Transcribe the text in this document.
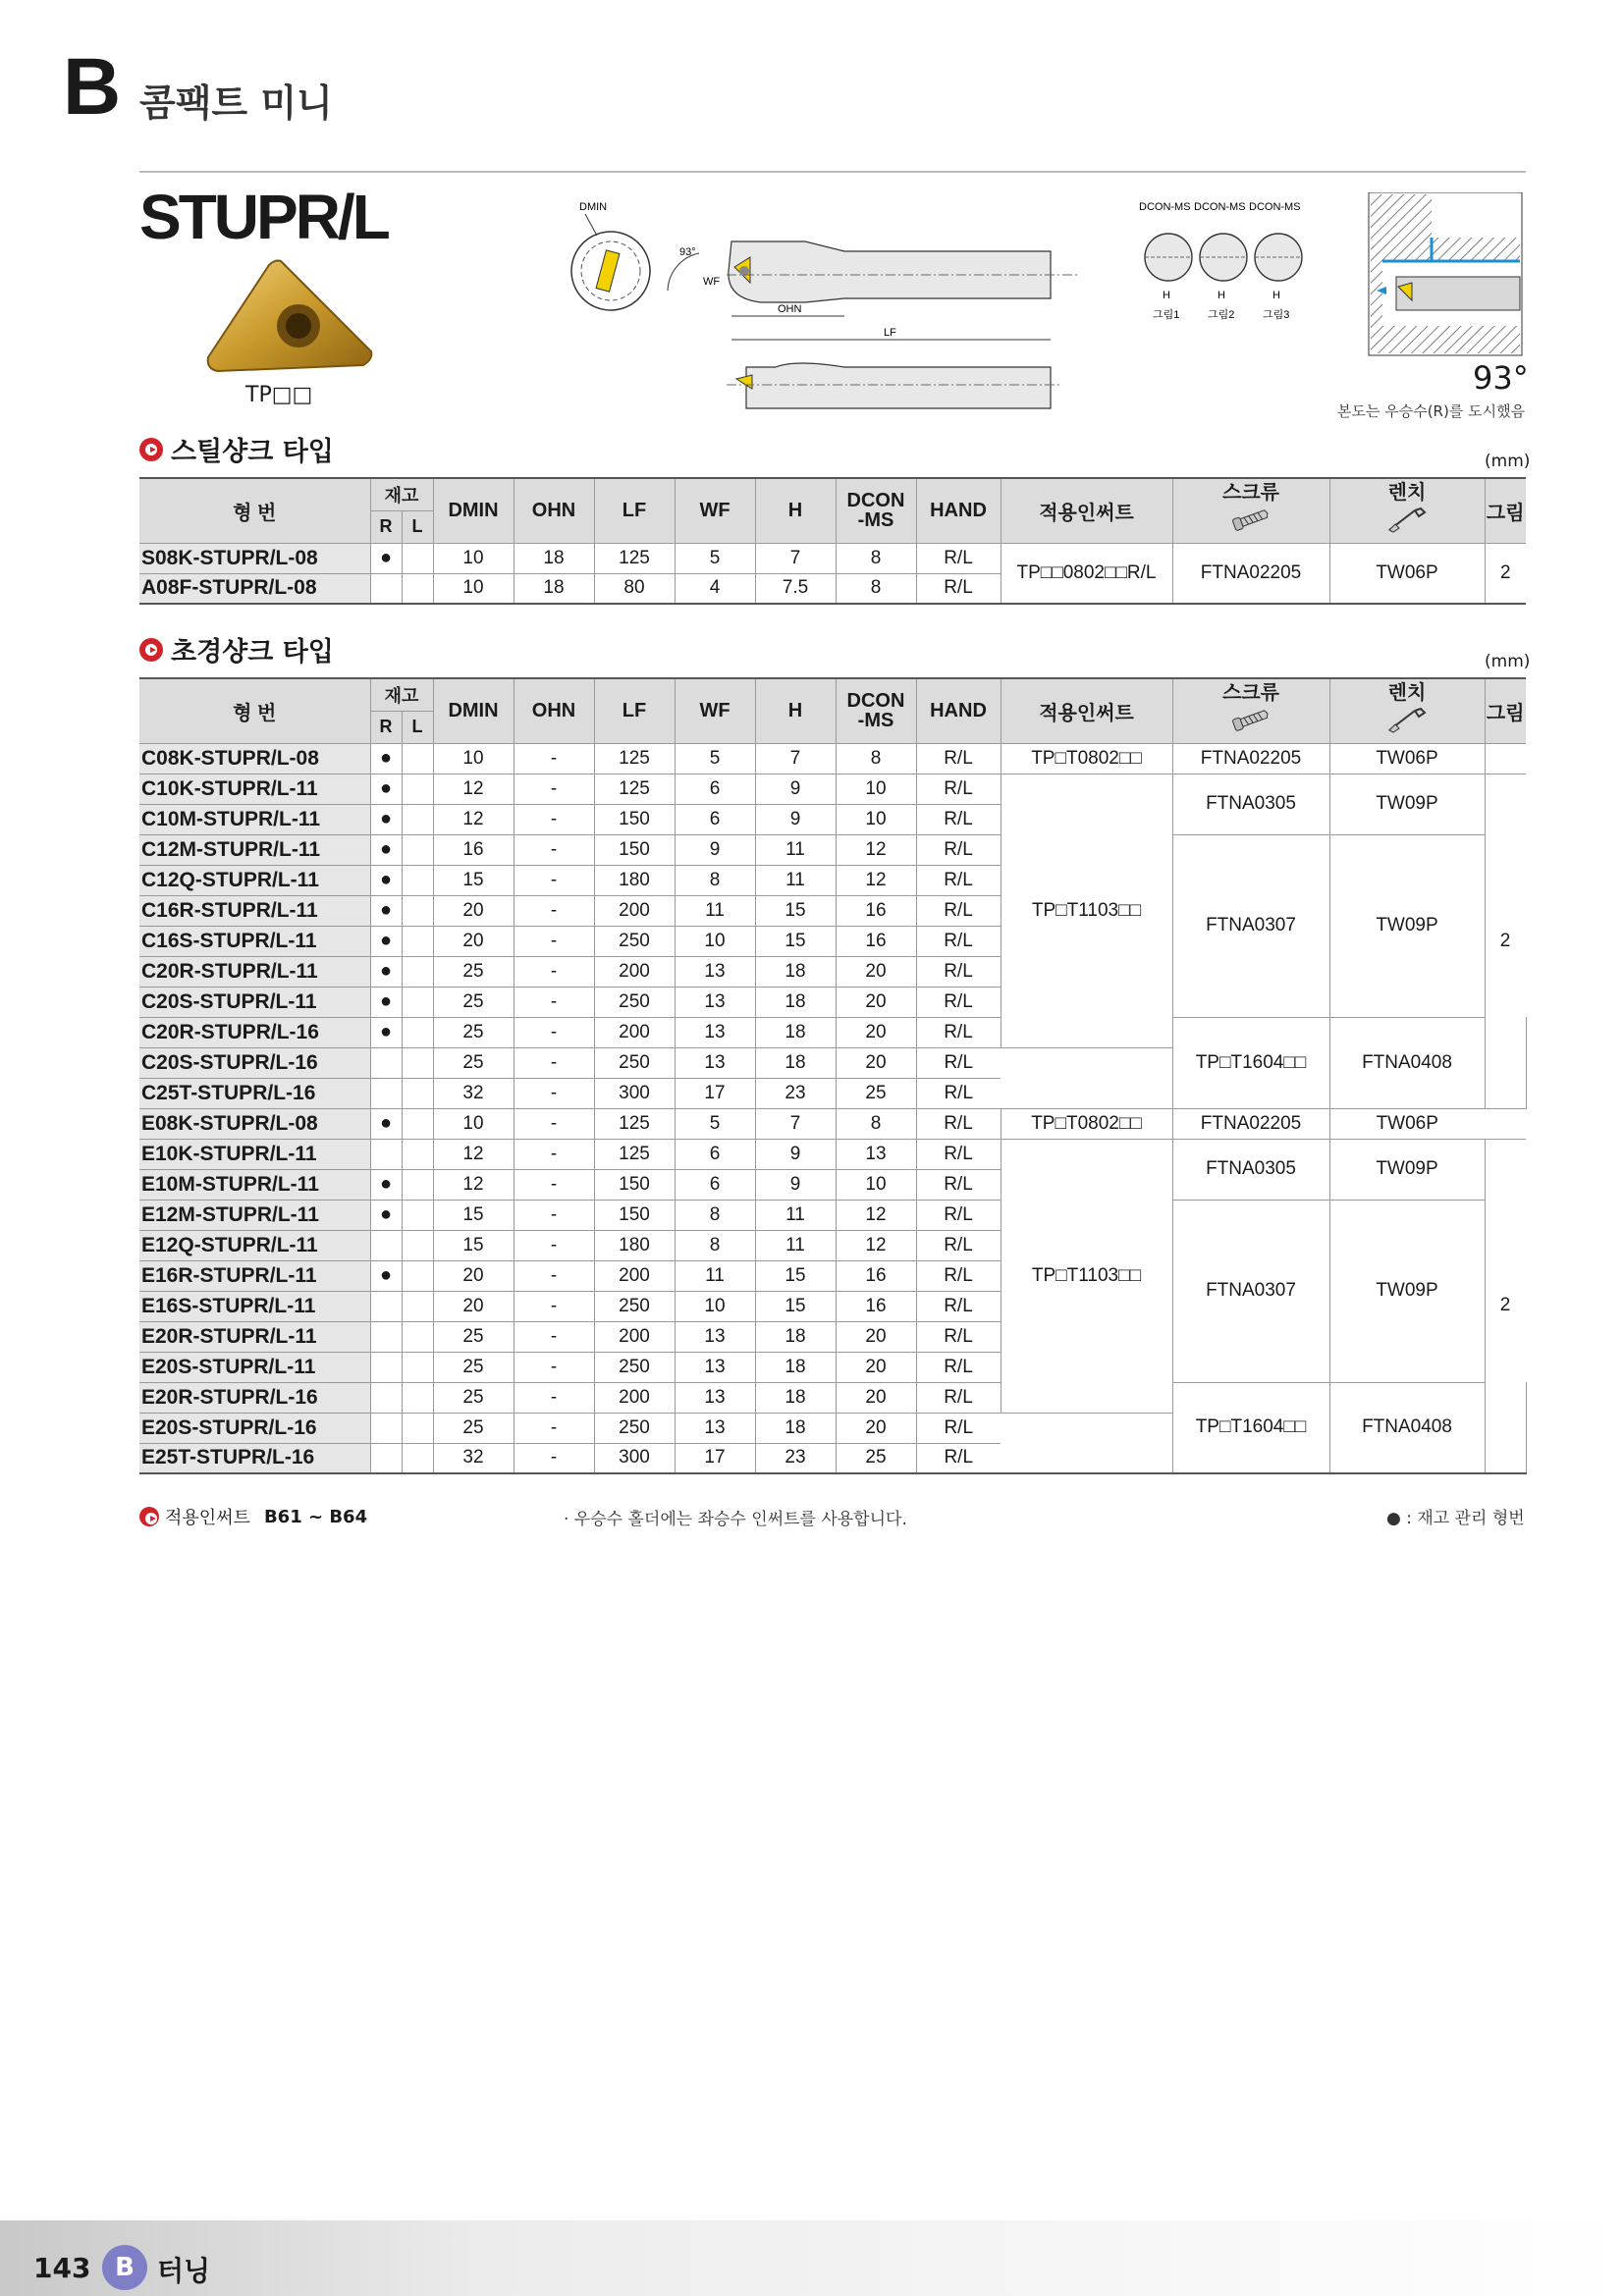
B 콤팩트 미니
STUPR/L
TP□□
DMIN
93°
WF
OHN
LF
DCON-MS
H
그림1
DCON-MS
H
그림2
DCON-MS
H
그림3
93°
본도는 우승수(R)를 도시했음
스틸샹크 타입	(mm)
형 번	재고		DMIN	OHN	LF	WF	H	DCON
-MS	HAND	적용인써트	스크류	렌치	그림
	R	L											
S08K-STUPR/L-08	●		10	18	125	5	7	8	R/L	TP□□0802□□R/L	FTNA02205	TW06P	2
A08F-STUPR/L-08			10	18	80	4	7.5	8	R/L				
초경샹크 타입	(mm)
형 번	재고		DMIN	OHN	LF	WF	H	DCON
-MS	HAND	적용인써트	스크류	렌치	그림	
	R	L												
C08K-STUPR/L-08	●		10	-	125	5	7	8	R/L	TP□T0802□□	FTNA02205	TW06P		
C10K-STUPR/L-11	●		12	-	125	6	9	10	R/L	TP□T1103□□	FTNA0305	TW09P	2	
C10M-STUPR/L-11	●		12	-	150	6	9	10	R/L					
C12M-STUPR/L-11	●		16	-	150	9	11	12	R/L		FTNA0307	TW09P		
C12Q-STUPR/L-11	●		15	-	180	8	11	12	R/L					
C16R-STUPR/L-11	●		20	-	200	11	15	16	R/L					
C16S-STUPR/L-11	●		20	-	250	10	15	16	R/L					
C20R-STUPR/L-11	●		25	-	200	13	18	20	R/L					
C20S-STUPR/L-11	●		25	-	250	13	18	20	R/L					
C20R-STUPR/L-16	●		25	-	200	13	18	20	R/L		TP□T1604□□	FTNA0408	
C20S-STUPR/L-16			25	-	250	13	18	20	R/L					
C25T-STUPR/L-16			32	-	300	17	23	25	R/L					
E08K-STUPR/L-08	●		10	-	125	5	7	8	R/L	TP□T0802□□	FTNA02205	TW06P		
E10K-STUPR/L-11			12	-	125	6	9	13	R/L	TP□T1103□□	FTNA0305	TW09P	2	
E10M-STUPR/L-11	●		12	-	150	6	9	10	R/L					
E12M-STUPR/L-11	●		15	-	150	8	11	12	R/L		FTNA0307	TW09P		
E12Q-STUPR/L-11			15	-	180	8	11	12	R/L					
E16R-STUPR/L-11	●		20	-	200	11	15	16	R/L					
E16S-STUPR/L-11			20	-	250	10	15	16	R/L					
E20R-STUPR/L-11			25	-	200	13	18	20	R/L					
E20S-STUPR/L-11			25	-	250	13	18	20	R/L					
E20R-STUPR/L-16			25	-	200	13	18	20	R/L		TP□T1604□□	FTNA0408	
E20S-STUPR/L-16			25	-	250	13	18	20	R/L					
E25T-STUPR/L-16			32	-	300	17	23	25	R/L					
적용인써트 B61 ~ B64	· 우승수 홀더에는 좌승수 인써트를 사용합니다.	● : 재고 관리 형번
143 B 터닝
